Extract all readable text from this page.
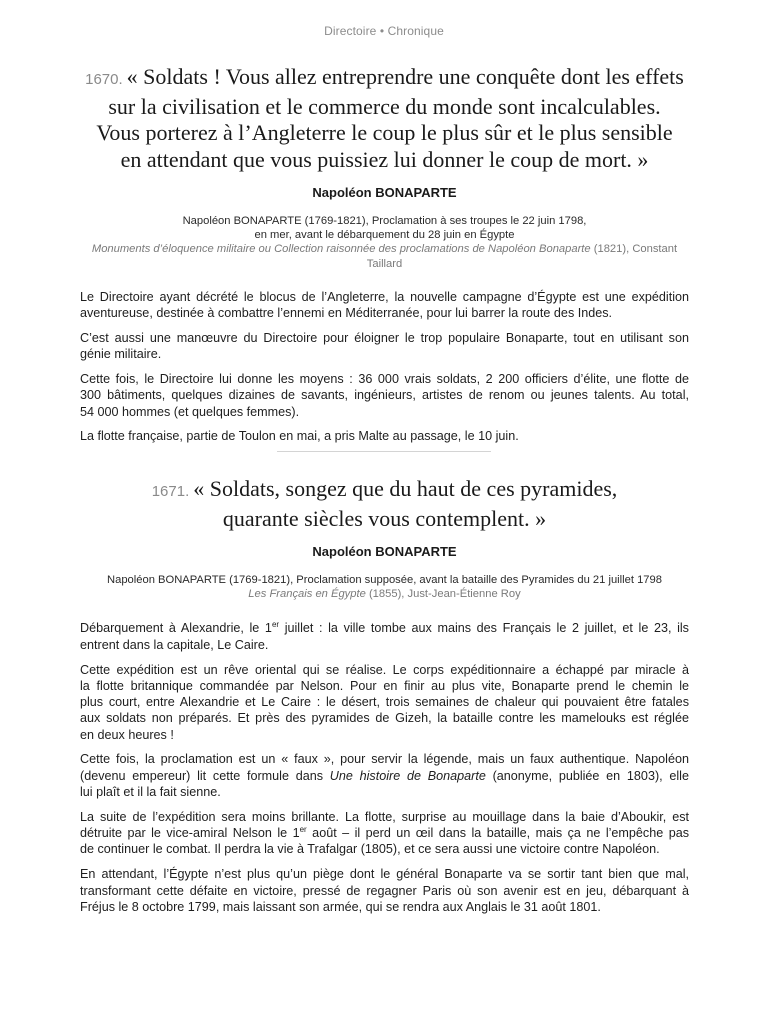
Directoire • Chronique
1670. « Soldats ! Vous allez entreprendre une conquête dont les effets
sur la civilisation et le commerce du monde sont incalculables.
Vous porterez à l’Angleterre le coup le plus sûr et le plus sensible
en attendant que vous puissiez lui donner le coup de mort. »
Napoléon BONAPARTE
Napoléon BONAPARTE (1769-1821), Proclamation à ses troupes le 22 juin 1798,
en mer, avant le débarquement du 28 juin en Égypte
Monuments d’éloquence militaire ou Collection raisonnée des proclamations de Napoléon Bonaparte (1821), Constant Taillard

Le Directoire ayant décrété le blocus de l’Angleterre, la nouvelle campagne d’Égypte est une expédition
aventureuse, destinée à combattre l’ennemi en Méditerranée, pour lui barrer la route des Indes.

C’est aussi une manœuvre du Directoire pour éloigner le trop populaire Bonaparte, tout en utilisant son
génie militaire.

Cette fois, le Directoire lui donne les moyens : 36 000 vrais soldats, 2 200 officiers d’élite, une flotte de
300 bâtiments, quelques dizaines de savants, ingénieurs, artistes de renom ou jeunes talents. Au total,
54 000 hommes (et quelques femmes).

La flotte française, partie de Toulon en mai, a pris Malte au passage, le 10 juin.

1671. « Soldats, songez que du haut de ces pyramides,
quarante siècles vous contemplent. »
Napoléon BONAPARTE
Napoléon BONAPARTE (1769-1821), Proclamation supposée, avant la bataille des Pyramides du 21 juillet 1798
Les Français en Égypte (1855), Just-Jean-Étienne Roy

Débarquement à Alexandrie, le 1er juillet : la ville tombe aux mains des Français le 2 juillet, et le 23, ils
entrent dans la capitale, Le Caire.

Cette expédition est un rêve oriental qui se réalise. Le corps expéditionnaire a échappé par miracle à
la flotte britannique commandée par Nelson. Pour en finir au plus vite, Bonaparte prend le chemin le
plus court, entre Alexandrie et Le Caire : le désert, trois semaines de chaleur qui pouvaient être fatales
aux soldats non préparés. Et près des pyramides de Gizeh, la bataille contre les mamelouks est réglée
en deux heures !

Cette fois, la proclamation est un « faux », pour servir la légende, mais un faux authentique. Napoléon
(devenu empereur) lit cette formule dans Une histoire de Bonaparte (anonyme, publiée en 1803), elle
lui plaît et il la fait sienne.

La suite de l’expédition sera moins brillante. La flotte, surprise au mouillage dans la baie d’Aboukir, est
détruite par le vice-amiral Nelson le 1er août – il perd un œil dans la bataille, mais ça ne l’empêche pas
de continuer le combat. Il perdra la vie à Trafalgar (1805), et ce sera aussi une victoire contre Napoléon.

En attendant, l’Égypte n’est plus qu’un piège dont le général Bonaparte va se sortir tant bien que mal,
transformant cette défaite en victoire, pressé de regagner Paris où son avenir est en jeu, débarquant à
Fréjus le 8 octobre 1799, mais laissant son armée, qui se rendra aux Anglais le 31 août 1801.
